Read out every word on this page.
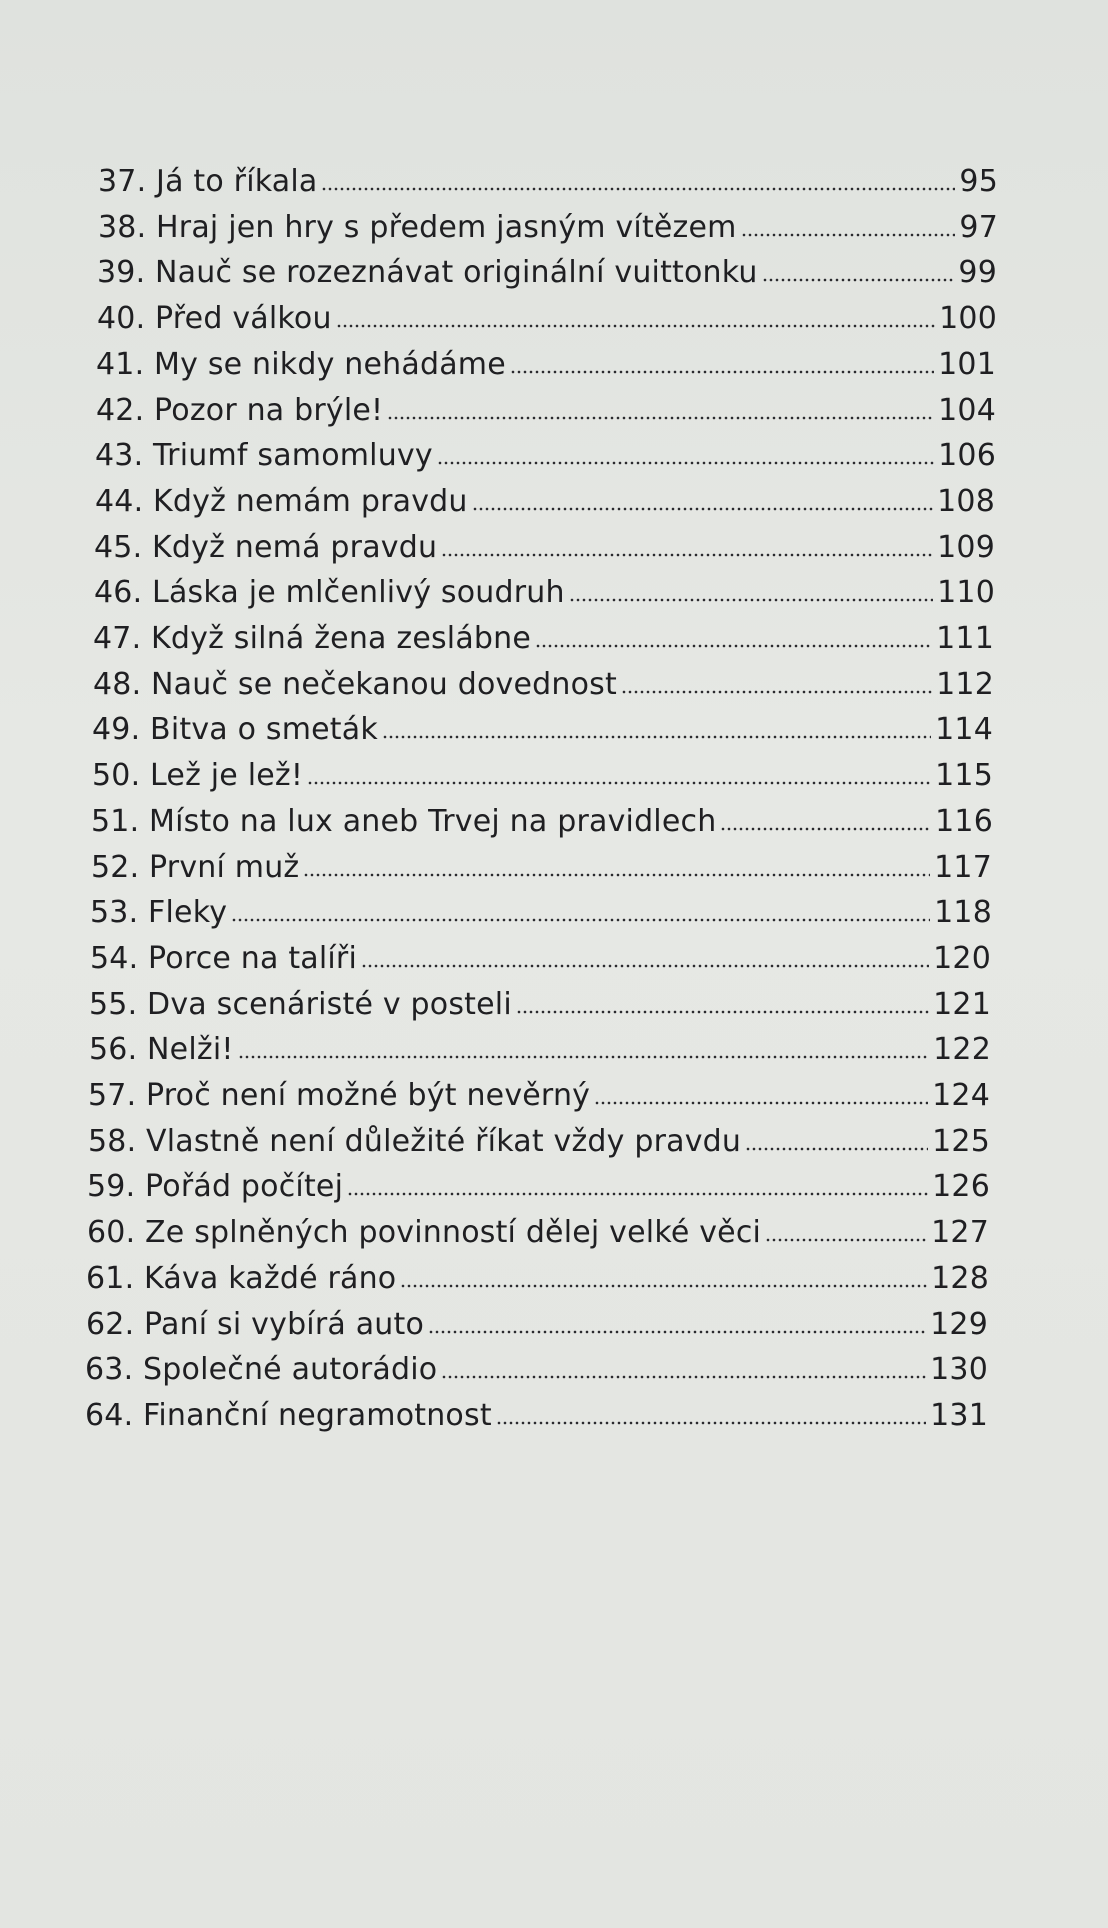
37. Já to říkala	95
38. Hraj jen hry s předem jasným vítězem	97
39. Nauč se rozeznávat originální vuittonku	99
40. Před válkou	100
41. My se nikdy nehádáme	101
42. Pozor na brýle!	104
43. Triumf samomluvy	106
44. Když nemám pravdu	108
45. Když nemá pravdu	109
46. Láska je mlčenlivý soudruh	110
47. Když silná žena zeslábne	111
48. Nauč se nečekanou dovednost	112
49. Bitva o smeták	114
50. Lež je lež!	115
51. Místo na lux aneb Trvej na pravidlech	116
52. První muž	117
53. Fleky	118
54. Porce na talíři	120
55. Dva scenáristé v posteli	121
56. Nelži!	122
57. Proč není možné být nevěrný	124
58. Vlastně není důležité říkat vždy pravdu	125
59. Pořád počítej	126
60. Ze splněných povinností dělej velké věci	127
61. Káva každé ráno	128
62. Paní si vybírá auto	129
63. Společné autorádio	130
64. Finanční negramotnost	131
